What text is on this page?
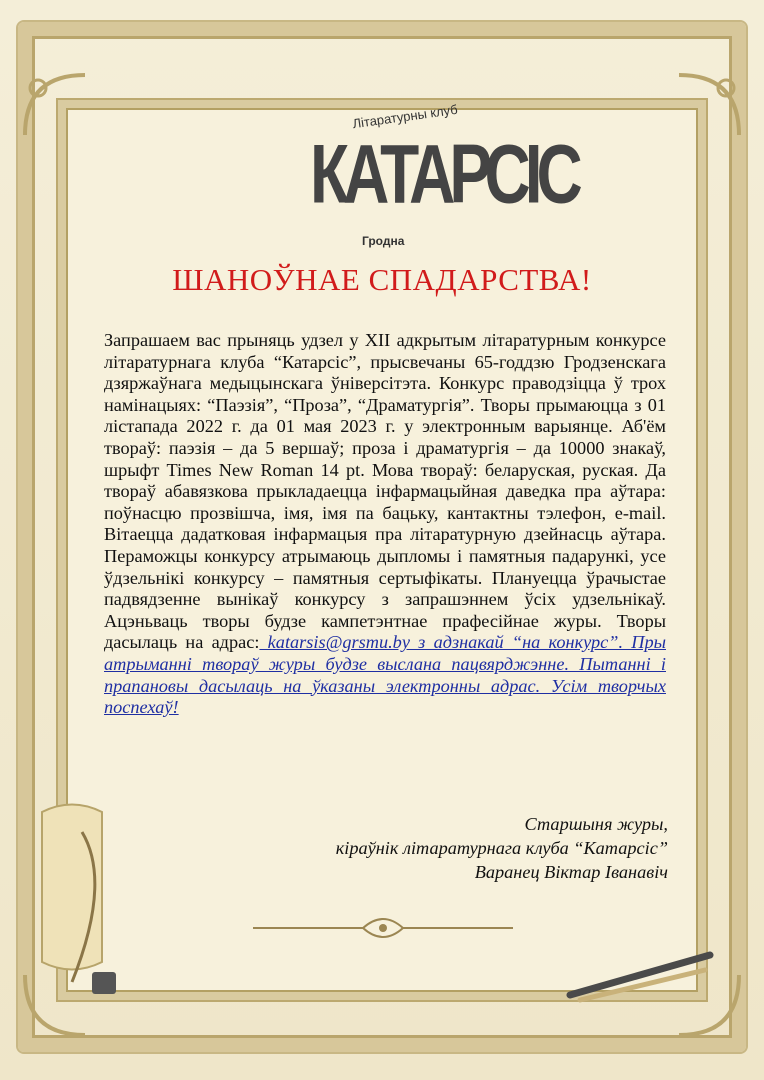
Літаратурны клуб
КАТАРСІС
Гродна
ШАНОЎНАЕ СПАДАРСТВА!

Запрашаем вас прыняць удзел у XII адкрытым літаратурным конкурсе літаратурнага клуба “Катарсіс”, прысвечаны 65-годдзю Гродзенскага дзяржаўнага медыцынскага ўніверсітэта. Конкурс праводзіцца ў трох намінацыях: “Паэзія”, “Проза”, “Драматургія”. Творы прымаюцца з 01 лістапада 2022 г. да 01 мая 2023 г. у электронным варыянце. Аб'ём твораў: паэзія – да 5 вершаў; проза і драматургія – да 10000 знакаў, шрыфт Times New Roman 14 pt. Мова твораў: беларуская, руская. Да твораў абавязкова прыкладаецца інфармацыйная даведка пра аўтара: поўнасцю прозвішча, імя, імя па бацьку, кантактны тэлефон, e-mail. Вітаецца дадатковая інфармацыя пра літаратурную дзейнасць аўтара. Пераможцы конкурсу атрымаюць дыпломы і памятныя падарункі, усе ўдзельнікі конкурсу – памятныя сертыфікаты. Плануецца ўрачыстае падвядзенне вынікаў конкурсу з запрашэннем ўсіх удзельнікаў. Ацэньваць творы будзе кампетэнтнае прафесійнае журы. Творы дасылаць на адрас: katarsis@grsmu.by з адзнакай “на конкурс”. Пры атрыманні твораў журы будзе выслана пацвярджэнне. Пытанні і прапановы дасылаць на ўказаны электронны адрас. Усім творчых поспехаў!

Старшыня журы,
кіраўнік літаратурнага клуба “Катарсіс”
Варанец Віктар Іванавіч
